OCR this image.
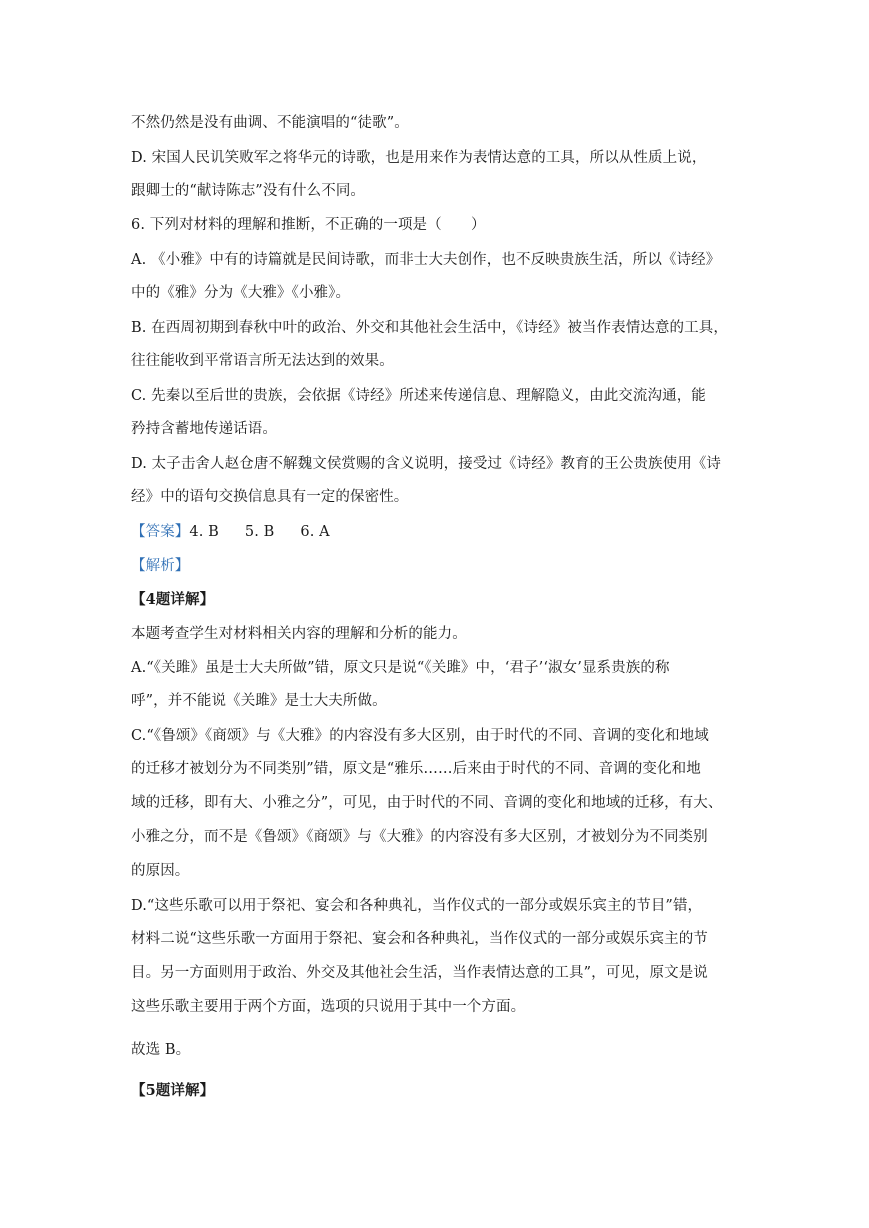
不然仍然是没有曲调、不能演唱的“徒歌”。
D. 宋国人民讥笑败军之将华元的诗歌，也是用来作为表情达意的工具，所以从性质上说，
跟卿士的“献诗陈志”没有什么不同。
6. 下列对材料的理解和推断，不正确的一项是（　　）
A. 《小雅》中有的诗篇就是民间诗歌，而非士大夫创作，也不反映贵族生活，所以《诗经》
中的《雅》分为《大雅》《小雅》。
B. 在西周初期到春秋中叶的政治、外交和其他社会生活中，《诗经》被当作表情达意的工具，
往往能收到平常语言所无法达到的效果。
C. 先秦以至后世的贵族，会依据《诗经》所述来传递信息、理解隐义，由此交流沟通，能
矜持含蓄地传递话语。
D. 太子击舍人赵仓唐不解魏文侯赏赐的含义说明，接受过《诗经》教育的王公贵族使用《诗
经》中的语句交换信息具有一定的保密性。
【答案】4. B 5. B 6. A
【解析】
【4题详解】
本题考查学生对材料相关内容的理解和分析的能力。
A.“《关雎》虽是士大夫所做”错，原文只是说“《关雎》中，‘君子’‘淑女’显系贵族的称
呼”，并不能说《关雎》是士大夫所做。
C.“《鲁颂》《商颂》与《大雅》的内容没有多大区别，由于时代的不同、音调的变化和地域
的迁移才被划分为不同类别”错，原文是“雅乐……后来由于时代的不同、音调的变化和地
域的迁移，即有大、小雅之分”，可见，由于时代的不同、音调的变化和地域的迁移，有大、
小雅之分，而不是《鲁颂》《商颂》与《大雅》的内容没有多大区别，才被划分为不同类别
的原因。
D.“这些乐歌可以用于祭祀、宴会和各种典礼，当作仪式的一部分或娱乐宾主的节目”错，
材料二说“这些乐歌一方面用于祭祀、宴会和各种典礼，当作仪式的一部分或娱乐宾主的节
目。另一方面则用于政治、外交及其他社会生活，当作表情达意的工具”，可见，原文是说
这些乐歌主要用于两个方面，选项的只说用于其中一个方面。
故选 B。
【5题详解】
